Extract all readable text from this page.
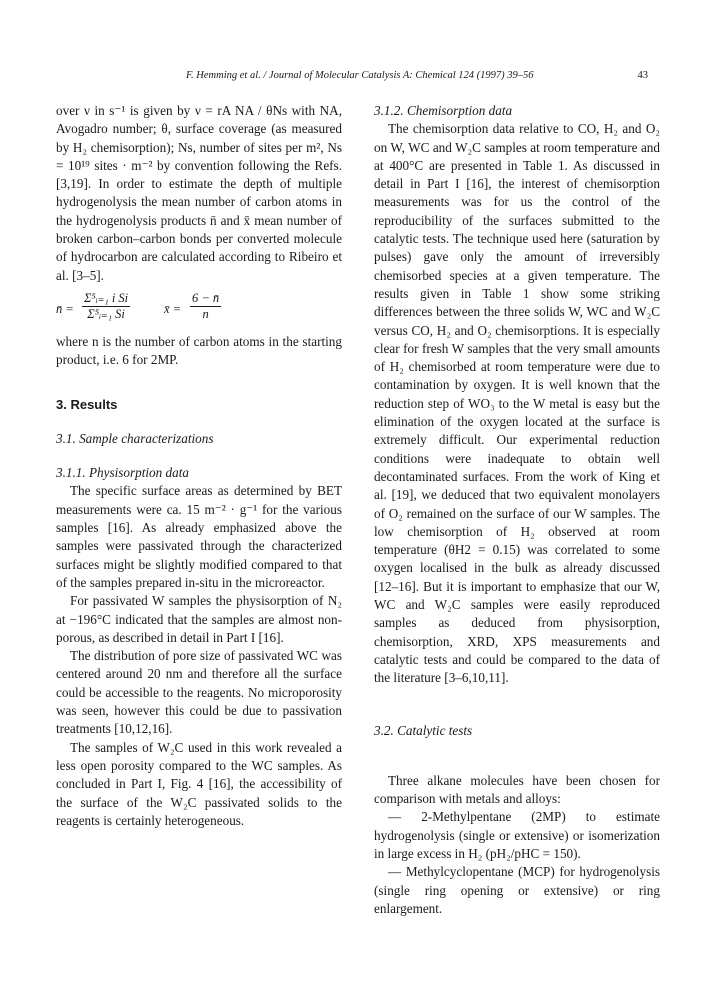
F. Hemming et al. / Journal of Molecular Catalysis A: Chemical 124 (1997) 39–56	43

over ν in s⁻¹ is given by ν = rA NA / θNs with NA, Avogadro number; θ, surface coverage (as measured by H₂ chemisorption); Ns, number of sites per m², Ns = 10¹⁹ sites · m⁻² by convention following the Refs. [3,19]. In order to estimate the depth of multiple hydrogenolysis the mean number of carbon atoms in the hydrogenolysis products n̄ and x̄ mean number of broken carbon–carbon bonds per converted molecule of hydrocarbon are calculated according to Ribeiro et al. [3–5].

n̄ = $\frac{\text{Σ⁵ᵢ₌₁ i Si}}{\text{Σ⁵ᵢ₌₁ Si}}$	x̄ = $\frac{6 - n̄}{n}$

where n is the number of carbon atoms in the starting product, i.e. 6 for 2MP.

3. Results
3.1. Sample characterizations
3.1.1. Physisorption data

The specific surface areas as determined by BET measurements were ca. 15 m⁻² · g⁻¹ for the various samples [16]. As already emphasized above the samples were passivated through the characterized surfaces might be slightly modified compared to that of the samples prepared in-situ in the microreactor.

For passivated W samples the physisorption of N₂ at −196°C indicated that the samples are almost non-porous, as described in detail in Part I [16].

The distribution of pore size of passivated WC was centered around 20 nm and therefore all the surface could be accessible to the reagents. No microporosity was seen, however this could be due to passivation treatments [10,12,16].

The samples of W₂C used in this work revealed a less open porosity compared to the WC samples. As concluded in Part I, Fig. 4 [16], the accessibility of the surface of the W₂C passivated solids to the reagents is certainly heterogeneous.

3.1.2. Chemisorption data

The chemisorption data relative to CO, H₂ and O₂ on W, WC and W₂C samples at room temperature and at 400°C are presented in Table 1. As discussed in detail in Part I [16], the interest of chemisorption measurements was for us the control of the reproducibility of the surfaces submitted to the catalytic tests. The technique used here (saturation by pulses) gave only the amount of irreversibly chemisorbed species at a given temperature. The results given in Table 1 show some striking differences between the three solids W, WC and W₂C versus CO, H₂ and O₂ chemisorptions. It is especially clear for fresh W samples that the very small amounts of H₂ chemisorbed at room temperature were due to contamination by oxygen. It is well known that the reduction step of WO₃ to the W metal is easy but the elimination of the oxygen located at the surface is extremely difficult. Our experimental reduction conditions were inadequate to obtain well decontaminated surfaces. From the work of King et al. [19], we deduced that two equivalent monolayers of O₂ remained on the surface of our W samples. The low chemisorption of H₂ observed at room temperature (θH2 = 0.15) was correlated to some oxygen localised in the bulk as already discussed [12–16]. But it is important to emphasize that our W, WC and W₂C samples were easily reproduced samples as deduced from physisorption, chemisorption, XRD, XPS measurements and catalytic tests and could be compared to the data of the literature [3–6,10,11].

3.2. Catalytic tests

Three alkane molecules have been chosen for comparison with metals and alloys:

— 2-Methylpentane (2MP) to estimate hydrogenolysis (single or extensive) or isomerization in large excess in H₂ (pH₂/pHC = 150).

— Methylcyclopentane (MCP) for hydrogenolysis (single ring opening or extensive) or ring enlargement.
